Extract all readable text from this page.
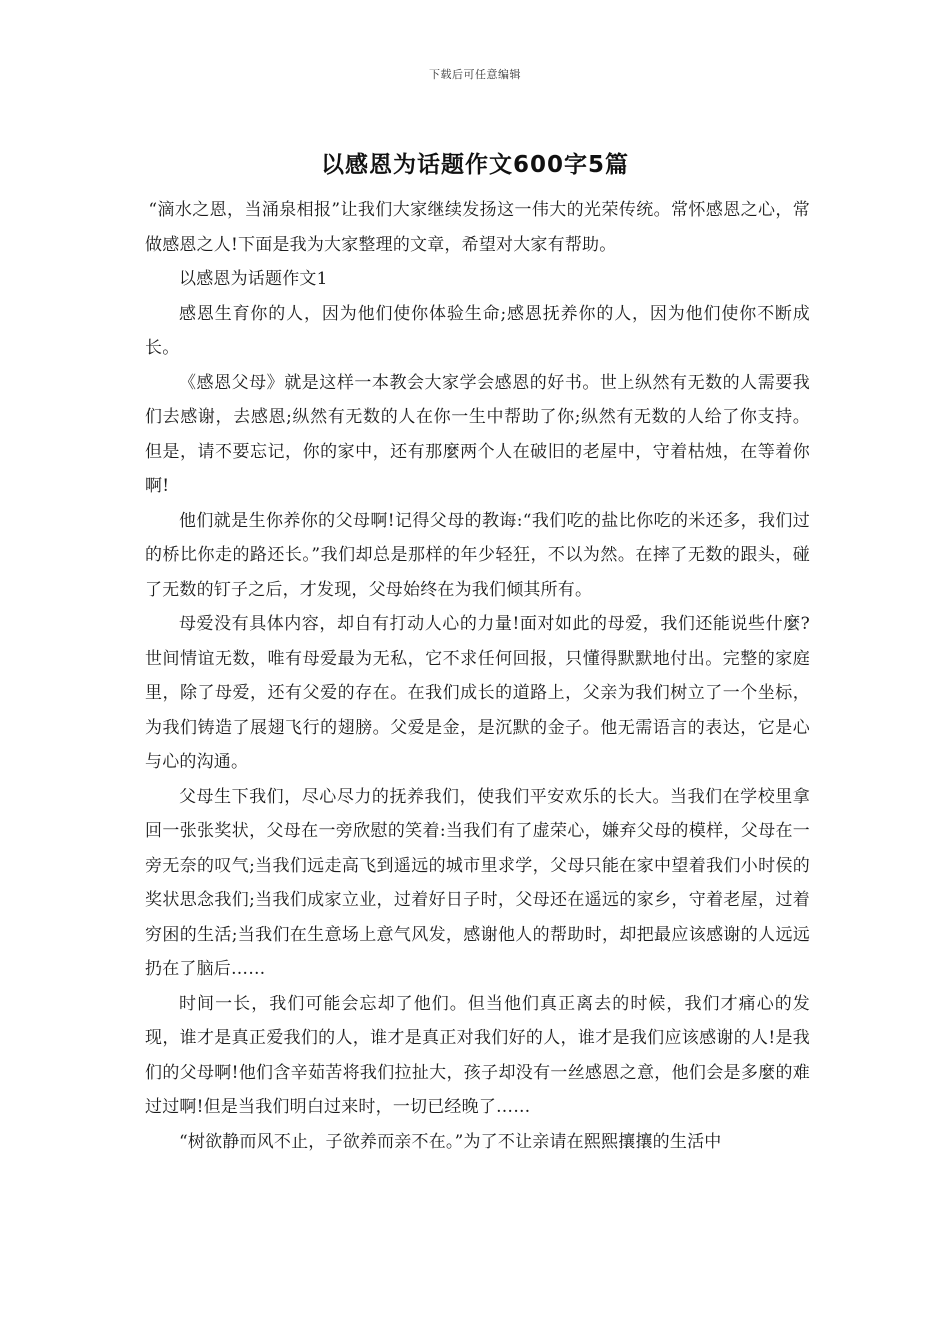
下载后可任意编辑
以感恩为话题作文600字5篇

“滴水之恩，当涌泉相报”让我们大家继续发扬这一伟大的光荣传统。常怀感恩之心，常做感恩之人!下面是我为大家整理的文章，希望对大家有帮助。

以感恩为话题作文1

感恩生育你的人，因为他们使你体验生命;感恩抚养你的人，因为他们使你不断成长。

《感恩父母》就是这样一本教会大家学会感恩的好书。世上纵然有无数的人需要我们去感谢，去感恩;纵然有无数的人在你一生中帮助了你;纵然有无数的人给了你支持。但是，请不要忘记，你的家中，还有那麼两个人在破旧的老屋中，守着枯烛，在等着你啊!

他们就是生你养你的父母啊!记得父母的教诲:“我们吃的盐比你吃的米还多，我们过的桥比你走的路还长。”我们却总是那样的年少轻狂，不以为然。在摔了无数的跟头，碰了无数的钉子之后，才发现，父母始终在为我们倾其所有。

母爱没有具体内容，却自有打动人心的力量!面对如此的母爱，我们还能说些什麼?世间情谊无数，唯有母爱最为无私，它不求任何回报，只懂得默默地付出。完整的家庭里，除了母爱，还有父爱的存在。在我们成长的道路上，父亲为我们树立了一个坐标，为我们铸造了展翅飞行的翅膀。父爱是金，是沉默的金子。他无需语言的表达，它是心与心的沟通。

父母生下我们，尽心尽力的抚养我们，使我们平安欢乐的长大。当我们在学校里拿回一张张奖状，父母在一旁欣慰的笑着:当我们有了虚荣心，嫌弃父母的模样，父母在一旁无奈的叹气;当我们远走高飞到遥远的城市里求学，父母只能在家中望着我们小时侯的奖状思念我们;当我们成家立业，过着好日子时，父母还在遥远的家乡，守着老屋，过着穷困的生活;当我们在生意场上意气风发，感谢他人的帮助时，却把最应该感谢的人远远扔在了脑后……

时间一长，我们可能会忘却了他们。但当他们真正离去的时候，我们才痛心的发现，谁才是真正爱我们的人，谁才是真正对我们好的人，谁才是我们应该感谢的人!是我们的父母啊!他们含辛茹苦将我们拉扯大，孩子却没有一丝感恩之意，他们会是多麼的难过过啊!但是当我们明白过来时，一切已经晚了……

“树欲静而风不止，子欲养而亲不在。”为了不让亲请在熙熙攘攘的生活中
